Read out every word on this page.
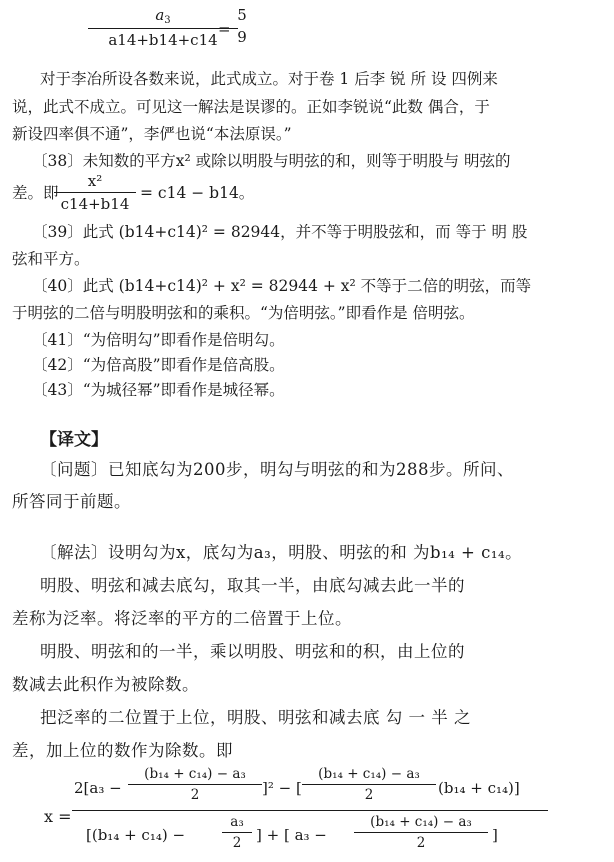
$a_3$
a14+b14+c14
=
5
9
对于李冶所设各数来说，此式成立。对于卷 1 后李 锐 所 设 四例来
说，此式不成立。可见这一解法是误谬的。正如李锐说“此数 偶合，于
新设四率俱不通”，李俨也说“本法原误。”
〔38〕未知数的平方x² 或除以明股与明弦的和，则等于明股与 明弦的
差。即
x²
c14+b14
= c14 − b14。
〔39〕此式 (b14+c14)² = 82944，并不等于明股弦和，而 等于 明 股
弦和平方。
〔40〕此式 (b14+c14)² + x² = 82944 + x² 不等于二倍的明弦，而等
于明弦的二倍与明股明弦和的乘积。“为倍明弦。”即看作是 倍明弦。
〔41〕“为倍明勾”即看作是倍明勾。
〔42〕“为倍高股”即看作是倍高股。
〔43〕“为城径幂”即看作是城径幂。
【译文】
〔问题〕已知底勾为200步，明勾与明弦的和为288步。所问、
所答同于前题。
〔解法〕设明勾为x，底勾为a₃，明股、明弦的和 为b₁₄ + c₁₄。
明股、明弦和减去底勾，取其一半，由底勾减去此一半的
差称为泛率。将泛率的平方的二倍置于上位。
明股、明弦和的一半，乘以明股、明弦和的积，由上位的
数减去此积作为被除数。
把泛率的二位置于上位，明股、明弦和减去底 勾 一 半 之
差，加上位的数作为除数。即
x =
2[a₃ −
(b₁₄ + c₁₄) − a₃
2	]² − [
(b₁₄ + c₁₄) − a₃
2	(b₁₄ + c₁₄)]
[(b₁₄ + c₁₄) −
a₃
2 ] + [ a₃ −
(b₁₄ + c₁₄) − a₃
2	]
